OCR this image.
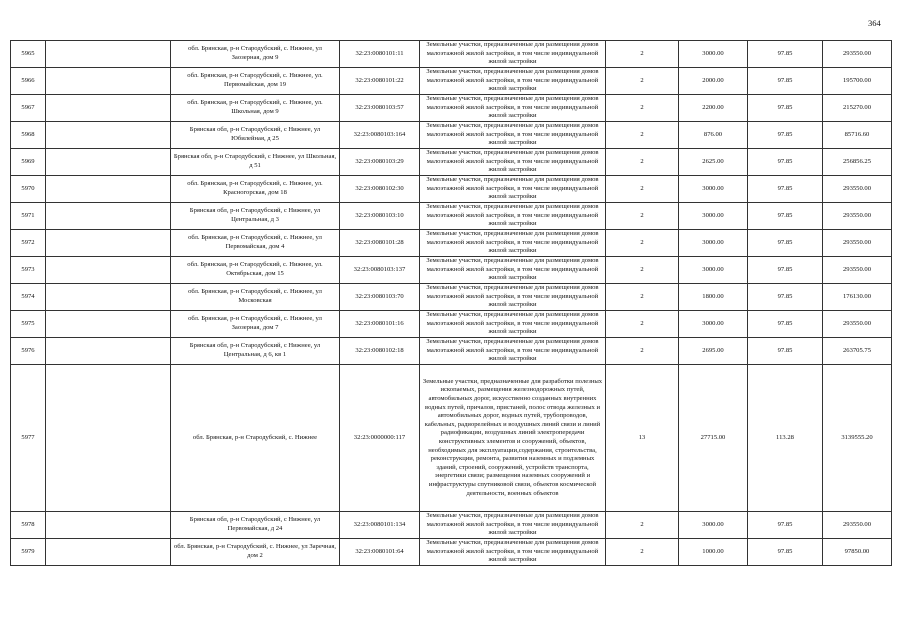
364
5965		обл. Брянская, р-н Стародубский, с. Нижнее, ул Заозерная, дом 9	32:23:0080101:11	Земельные участки, предназначенные для размещения домов малоэтажной жилой застройки, в том числе индивидуальной жилой застройки	2	3000.00	97.85	293550.00
5966		обл. Брянская, р-н Стародубский, с. Нижнее, ул. Первомайская, дом 19	32:23:0080101:22	Земельные участки, предназначенные для размещения домов малоэтажной жилой застройки, в том числе индивидуальной жилой застройки	2	2000.00	97.85	195700.00
5967		обл. Брянская, р-н Стародубский, с. Нижнее, ул. Школьная, дом 9	32:23:0080103:57	Земельные участки, предназначенные для размещения домов малоэтажной жилой застройки, в том числе индивидуальной жилой застройки	2	2200.00	97.85	215270.00
5968		Брянская обл, р-н Стародубский, с Нижнее, ул Юбилейная, д 25	32:23:0080103:164	Земельные участки, предназначенные для размещения домов малоэтажной жилой застройки, в том числе индивидуальной жилой застройки	2	876.00	97.85	85716.60
5969		Брянская обл, р-н Стародубский, с Нижнее, ул Школьная, д 51	32:23:0080103:29	Земельные участки, предназначенные для размещения домов малоэтажной жилой застройки, в том числе индивидуальной жилой застройки	2	2625.00	97.85	256856.25
5970		обл. Брянская, р-н Стародубский, с. Нижнее, ул. Красногорская, дом 18	32:23:0080102:30	Земельные участки, предназначенные для размещения домов малоэтажной жилой застройки, в том числе индивидуальной жилой застройки	2	3000.00	97.85	293550.00
5971		Брянская обл, р-н Стародубский, с Нижнее, ул Центральная, д 3	32:23:0080103:10	Земельные участки, предназначенные для размещения домов малоэтажной жилой застройки, в том числе индивидуальной жилой застройки	2	3000.00	97.85	293550.00
5972		обл. Брянская, р-н Стародубский, с. Нижнее, ул Первомайская, дом 4	32:23:0080101:28	Земельные участки, предназначенные для размещения домов малоэтажной жилой застройки, в том числе индивидуальной жилой застройки	2	3000.00	97.85	293550.00
5973		обл. Брянская, р-н Стародубский, с. Нижнее, ул. Октябрьская, дом 15	32:23:0080103:137	Земельные участки, предназначенные для размещения домов малоэтажной жилой застройки, в том числе индивидуальной жилой застройки	2	3000.00	97.85	293550.00
5974		обл. Брянская, р-н Стародубский, с. Нижнее, ул Московская	32:23:0080103:70	Земельные участки, предназначенные для размещения домов малоэтажной жилой застройки, в том числе индивидуальной жилой застройки	2	1800.00	97.85	176130.00
5975		обл. Брянская, р-н Стародубский, с. Нижнее, ул Заозерная, дом 7	32:23:0080101:16	Земельные участки, предназначенные для размещения домов малоэтажной жилой застройки, в том числе индивидуальной жилой застройки	2	3000.00	97.85	293550.00
5976		Брянская обл, р-н Стародубский, с Нижнее, ул Центральная, д 6, кв 1	32:23:0080102:18	Земельные участки, предназначенные для размещения домов малоэтажной жилой застройки, в том числе индивидуальной жилой застройки	2	2695.00	97.85	263705.75
5977		обл. Брянская, р-н Стародубский, с. Нижнее	32:23:0000000:117	Земельные участки, предназначенные для разработки полезных ископаемых, размещения железнодорожных путей, автомобильных дорог, искусственно созданных внутренних водных путей, причалов, пристаней, полос отвода железных и автомобильных дорог, водных путей, трубопроводов, кабельных, радиорелейных и воздушных линий связи и линий радиофикации, воздушных линий электропередачи конструктивных элементов и сооружений, объектов, необходимых для эксплуатации,содержания, строительства, реконструкции, ремонта, развития наземных и подземных зданий, строений, сооружений, устройств транспорта, энергетики связи; размещения наземных сооружений и инфраструктуры спутниковой связи, объектов космической деятельности, военных объектов	13	27715.00	113.28	3139555.20
5978		Брянская обл, р-н Стародубский, с Нижнее, ул Первомайская, д 24	32:23:0080101:134	Земельные участки, предназначенные для размещения домов малоэтажной жилой застройки, в том числе индивидуальной жилой застройки	2	3000.00	97.85	293550.00
5979		обл. Брянская, р-н Стародубский, с. Нижнее, ул Заречная, дом 2	32:23:0080101:64	Земельные участки, предназначенные для размещения домов малоэтажной жилой застройки, в том числе индивидуальной жилой застройки	2	1000.00	97.85	97850.00
